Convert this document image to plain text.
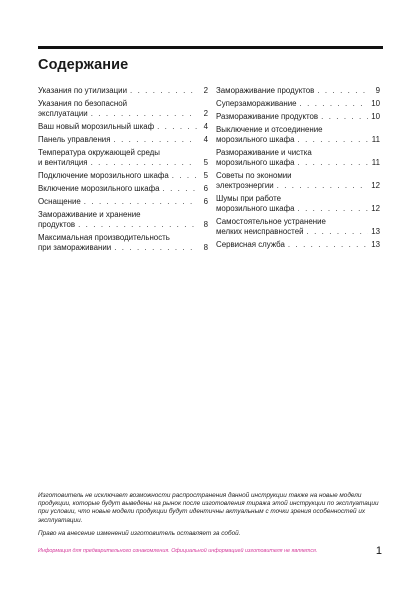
Содержание
Указания по утилизации . . .	2
Указания по безопасной
эксплуатации . . .	2
Ваш новый морозильный шкаф . . .	4
Панель управления . . .	4
Температура окружающей среды
и вентиляция . . .	5
Подключение морозильного шкафа . . .	5
Включение морозильного шкафа . . .	6
Оснащение . . .	6
Замораживание и хранение
продуктов . . .	8
Максимальная производительность
при замораживании . . .	8
Замораживание продуктов . . .	9
Суперзамораживание . . .	10
Размораживание продуктов . . .	10
Выключение и отсоединение
морозильного шкафа . . .	11
Размораживание и чистка
морозильного шкафа . . .	11
Советы по экономии
электроэнергии . . .	12
Шумы при работе
морозильного шкафа . . .	12
Самостоятельное устранение
мелких неисправностей . . .	13
Сервисная служба . . .	13

Изготовитель не исключает возможности распространения данной инструкции также на новые модели продукции, которые будут выведены на рынок после изготовления тиража этой инструкции по эксплуатации при условии, что новые модели продукции будут идентичны актуальным с точки зрения особенностей их эксплуатации.

Право на внесение изменений изготовитель оставляет за собой.

Информация для предварительного ознакомления. Официальной информацией изготовителя не является.	1
